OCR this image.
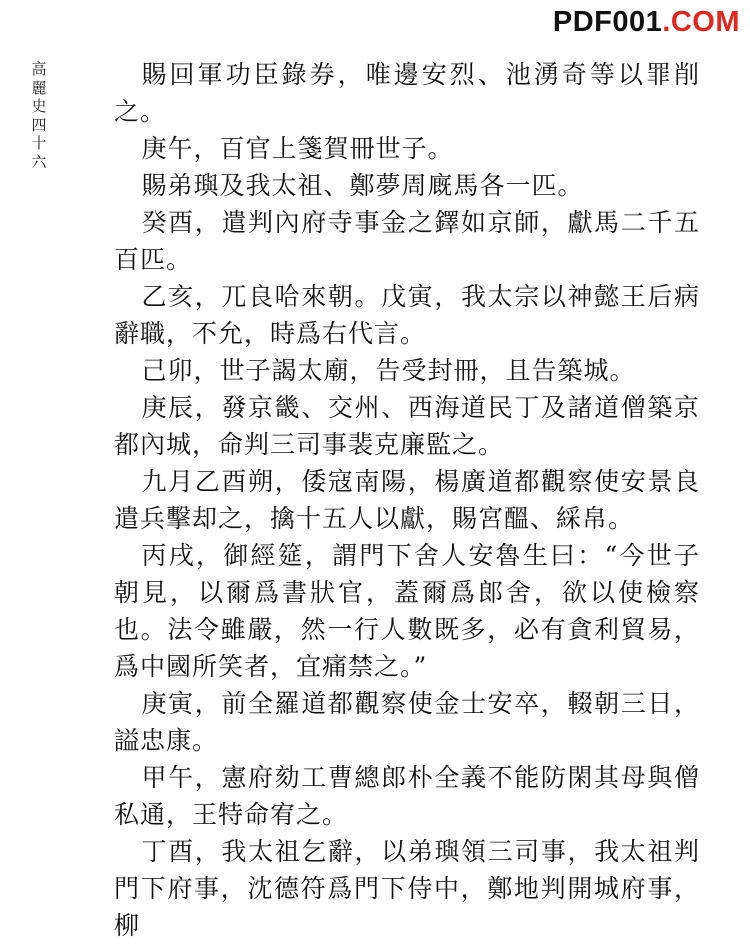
PDF001.COM
高麗史四十六

賜回軍功臣錄券，唯邊安烈、池湧奇等以罪削之。

庚午，百官上箋賀冊世子。

賜弟璵及我太祖、鄭夢周廐馬各一匹。

癸酉，遣判內府寺事金之鐸如京師，獻馬二千五百匹。

乙亥，兀良哈來朝。戊寅，我太宗以神懿王后病辭職，不允，時爲右代言。

己卯，世子謁太廟，告受封冊，且告築城。

庚辰，發京畿、交州、西海道民丁及諸道僧築京都內城，命判三司事裴克廉監之。

九月乙酉朔，倭寇南陽，楊廣道都觀察使安景良遣兵擊却之，擒十五人以獻，賜宮醞、綵帛。

丙戌，御經筵，謂門下舍人安魯生曰：“今世子朝見，以爾爲書狀官，蓋爾爲郎舍，欲以使檢察也。法令雖嚴，然一行人數既多，必有貪利貿易，爲中國所笑者，宜痛禁之。”

庚寅，前全羅道都觀察使金士安卒，輟朝三日，謚忠康。

甲午，憲府劾工曹總郎朴全義不能防閑其母與僧私通，王特命宥之。

丁酉，我太祖乞辭，以弟璵領三司事，我太祖判門下府事，沈德符爲門下侍中，鄭地判開城府事，柳
